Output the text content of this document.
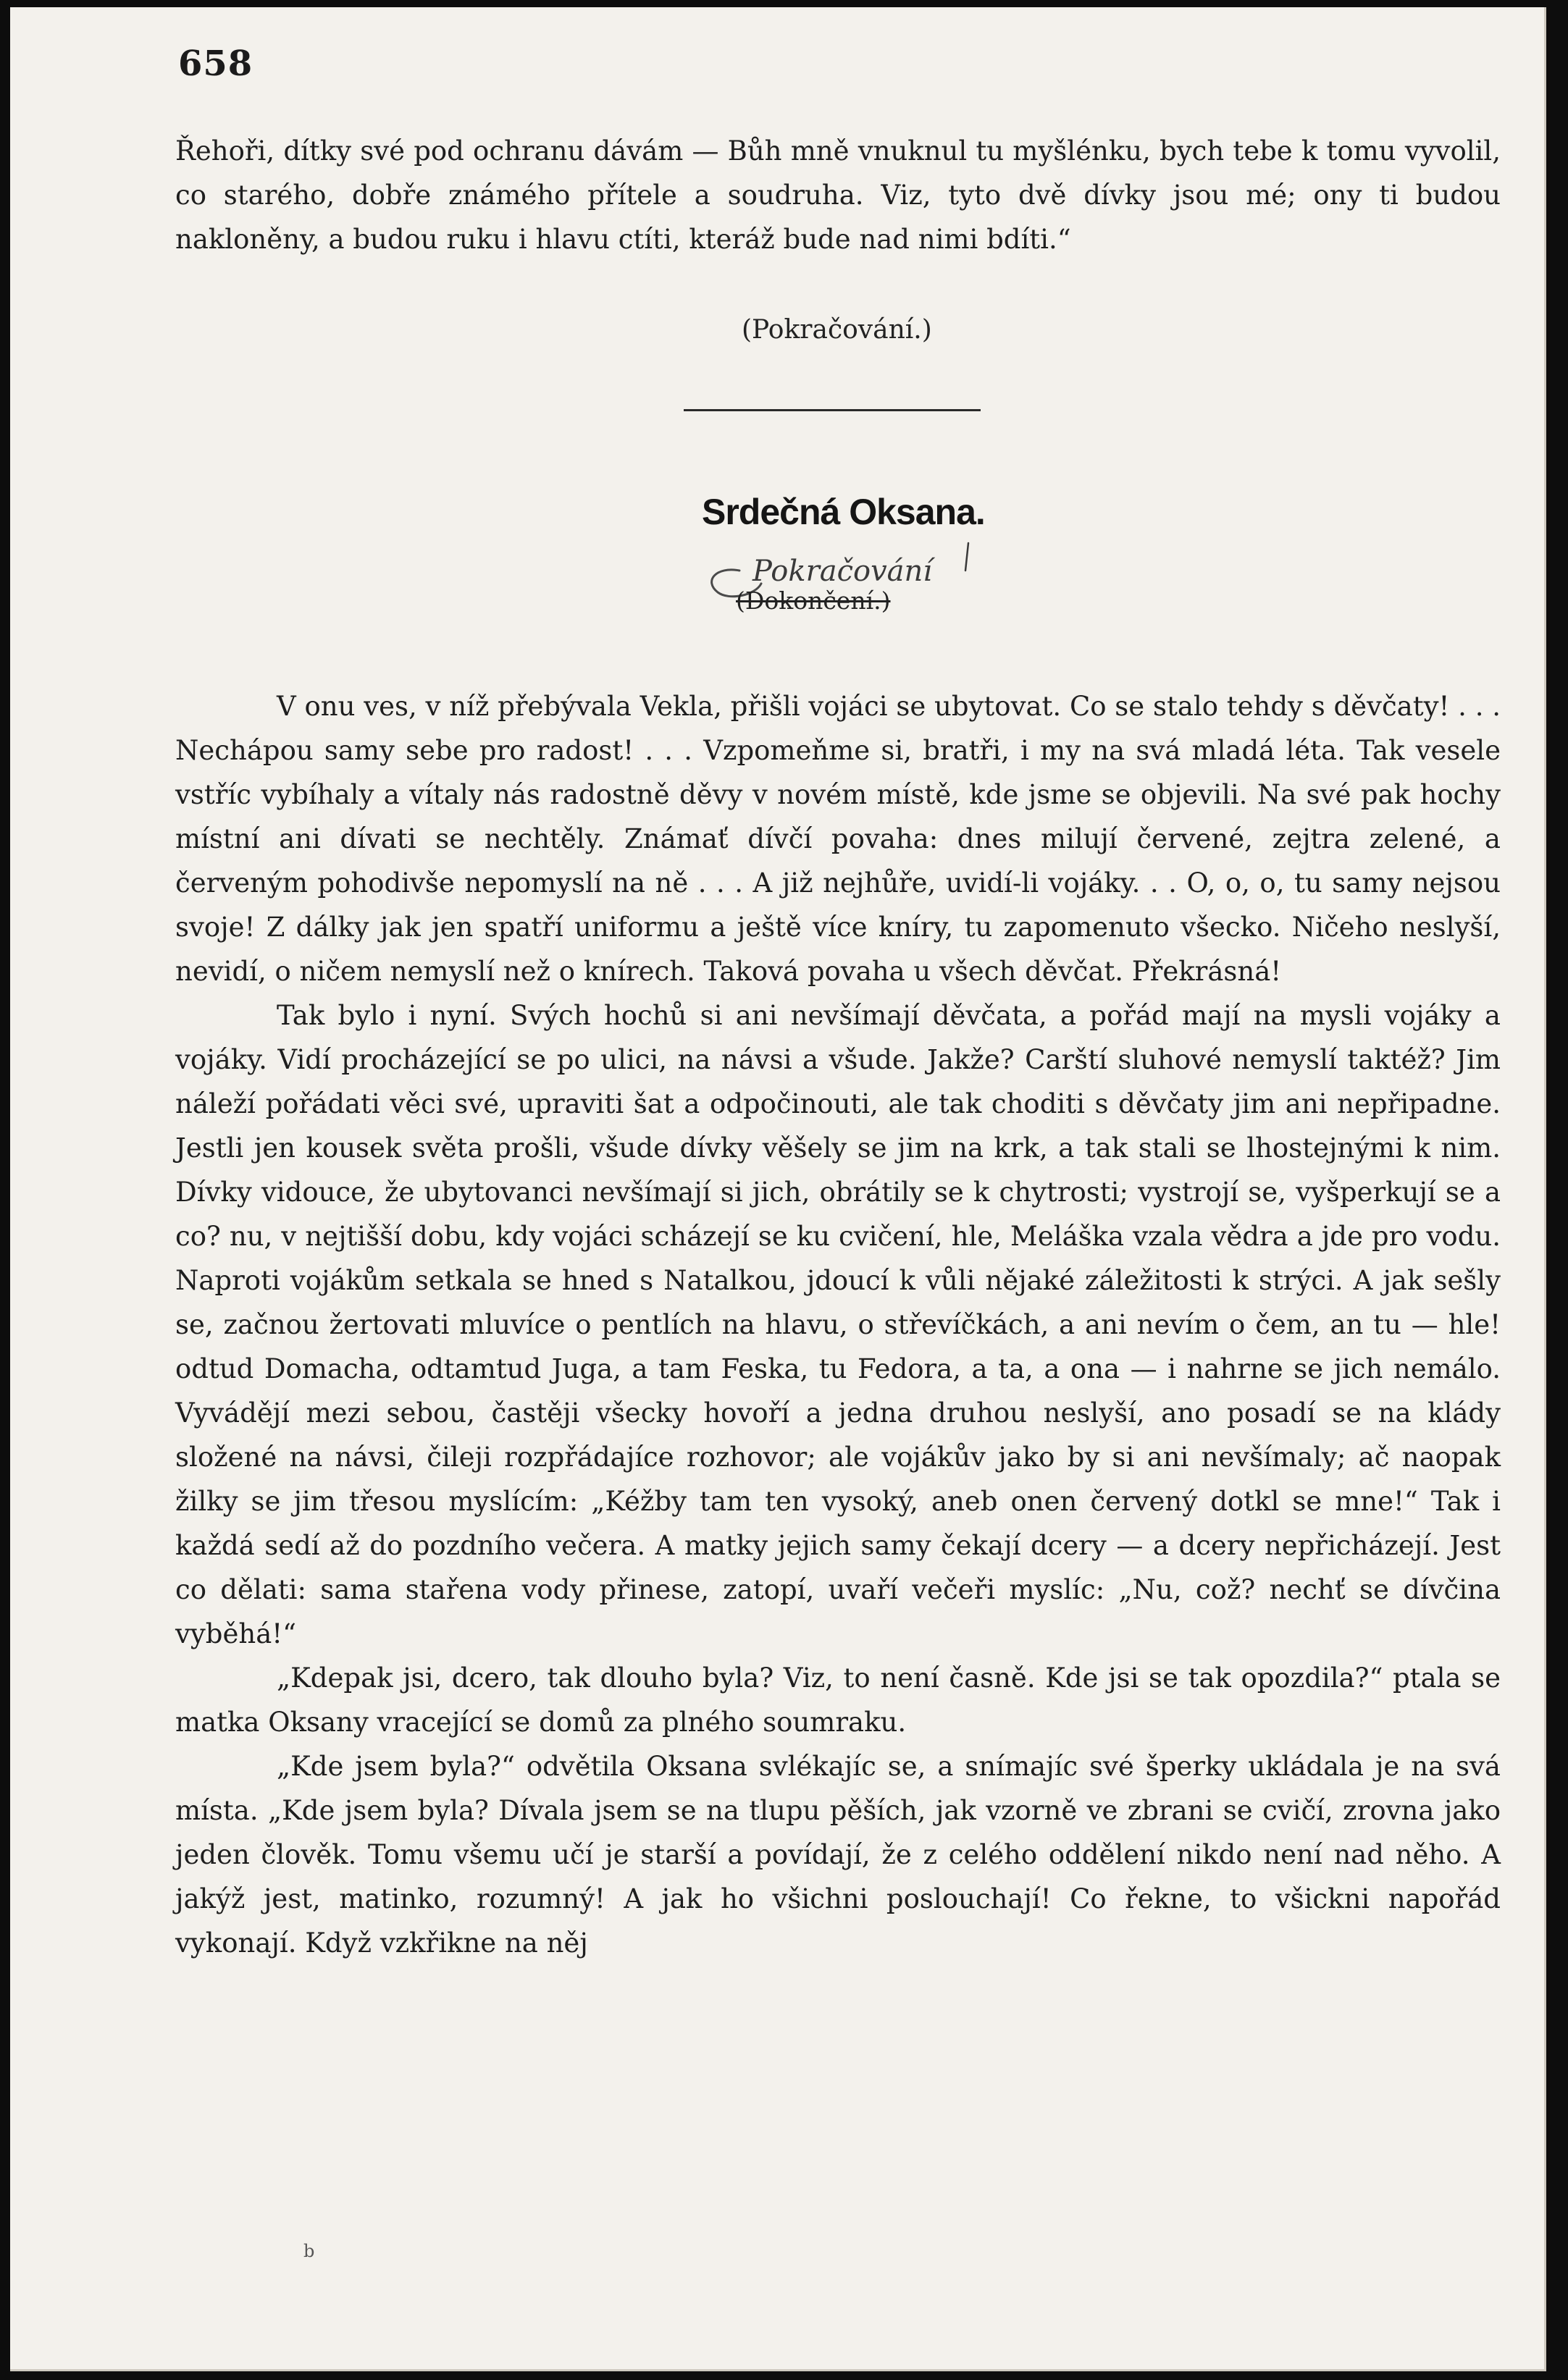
658

Řehoři, dítky své pod ochranu dávám — Bůh mně vnuknul tu myšlénku, bych tebe k tomu vyvolil, co starého, dobře známého přítele a soudruha. Viz, tyto dvě dívky jsou mé; ony ti budou nakloněny, a budou ruku i hlavu ctíti, kteráž bude nad nimi bdíti.“

(Pokračování.)
Srdečná Oksana.
Pokračování
(Dokončení.)

V onu ves, v níž přebývala Vekla, přišli vojáci se ubytovat. Co se stalo tehdy s děvčaty! . . . Nechápou samy sebe pro radost! . . . Vzpomeňme si, bratři, i my na svá mladá léta. Tak vesele vstříc vybíhaly a vítaly nás radostně děvy v novém místě, kde jsme se objevili. Na své pak hochy místní ani dívati se nechtěly. Známať dívčí povaha: dnes milují červené, zejtra zelené, a červeným pohodivše nepomyslí na ně . . . A již nejhůře, uvidí-li vojáky. . . O, o, o, tu samy nejsou svoje! Z dálky jak jen spatří uniformu a ještě více kníry, tu zapomenuto všecko. Ničeho neslyší, nevidí, o ničem nemyslí než o knírech. Taková povaha u všech děvčat. Překrásná!

Tak bylo i nyní. Svých hochů si ani nevšímají děvčata, a pořád mají na mysli vojáky a vojáky. Vidí procházející se po ulici, na návsi a všude. Jakže? Carští sluhové nemyslí taktéž? Jim náleží pořádati věci své, upraviti šat a odpočinouti, ale tak choditi s děvčaty jim ani nepřipadne. Jestli jen kousek světa prošli, všude dívky věšely se jim na krk, a tak stali se lhostejnými k nim. Dívky vidouce, že ubytovanci nevšímají si jich, obrátily se k chytrosti; vystrojí se, vyšperkují se a co? nu, v nejtišší dobu, kdy vojáci scházejí se ku cvičení, hle, Meláška vzala vědra a jde pro vodu. Naproti vojákům setkala se hned s Natalkou, jdoucí k vůli nějaké záležitosti k strýci. A jak sešly se, začnou žertovati mluvíce o pentlích na hlavu, o střevíčkách, a ani nevím o čem, an tu — hle! odtud Domacha, odtamtud Juga, a tam Feska, tu Fedora, a ta, a ona — i nahrne se jich nemálo. Vyvádějí mezi sebou, častěji všecky hovoří a jedna druhou neslyší, ano posadí se na klády složené na návsi, čileji rozpřádajíce rozhovor; ale vojákův jako by si ani nevšímaly; ač naopak žilky se jim třesou myslícím: „Kéžby tam ten vysoký, aneb onen červený dotkl se mne!“ Tak i každá sedí až do pozdního večera. A matky jejich samy čekají dcery — a dcery nepřicházejí. Jest co dělati: sama stařena vody přinese, zatopí, uvaří večeři myslíc: „Nu, což? nechť se dívčina vyběhá!“

„Kdepak jsi, dcero, tak dlouho byla? Viz, to není časně. Kde jsi se tak opozdila?“ ptala se matka Oksany vracející se domů za plného soumraku.

„Kde jsem byla?“ odvětila Oksana svlékajíc se, a snímajíc své šperky ukládala je na svá místa. „Kde jsem byla? Dívala jsem se na tlupu pěších, jak vzorně ve zbrani se cvičí, zrovna jako jeden člověk. Tomu všemu učí je starší a povídají, že z celého oddělení nikdo není nad něho. A jakýž jest, matinko, rozumný! A jak ho všichni poslouchají! Co řekne, to všickni napořád vykonají. Když vzkřikne na něj

b
